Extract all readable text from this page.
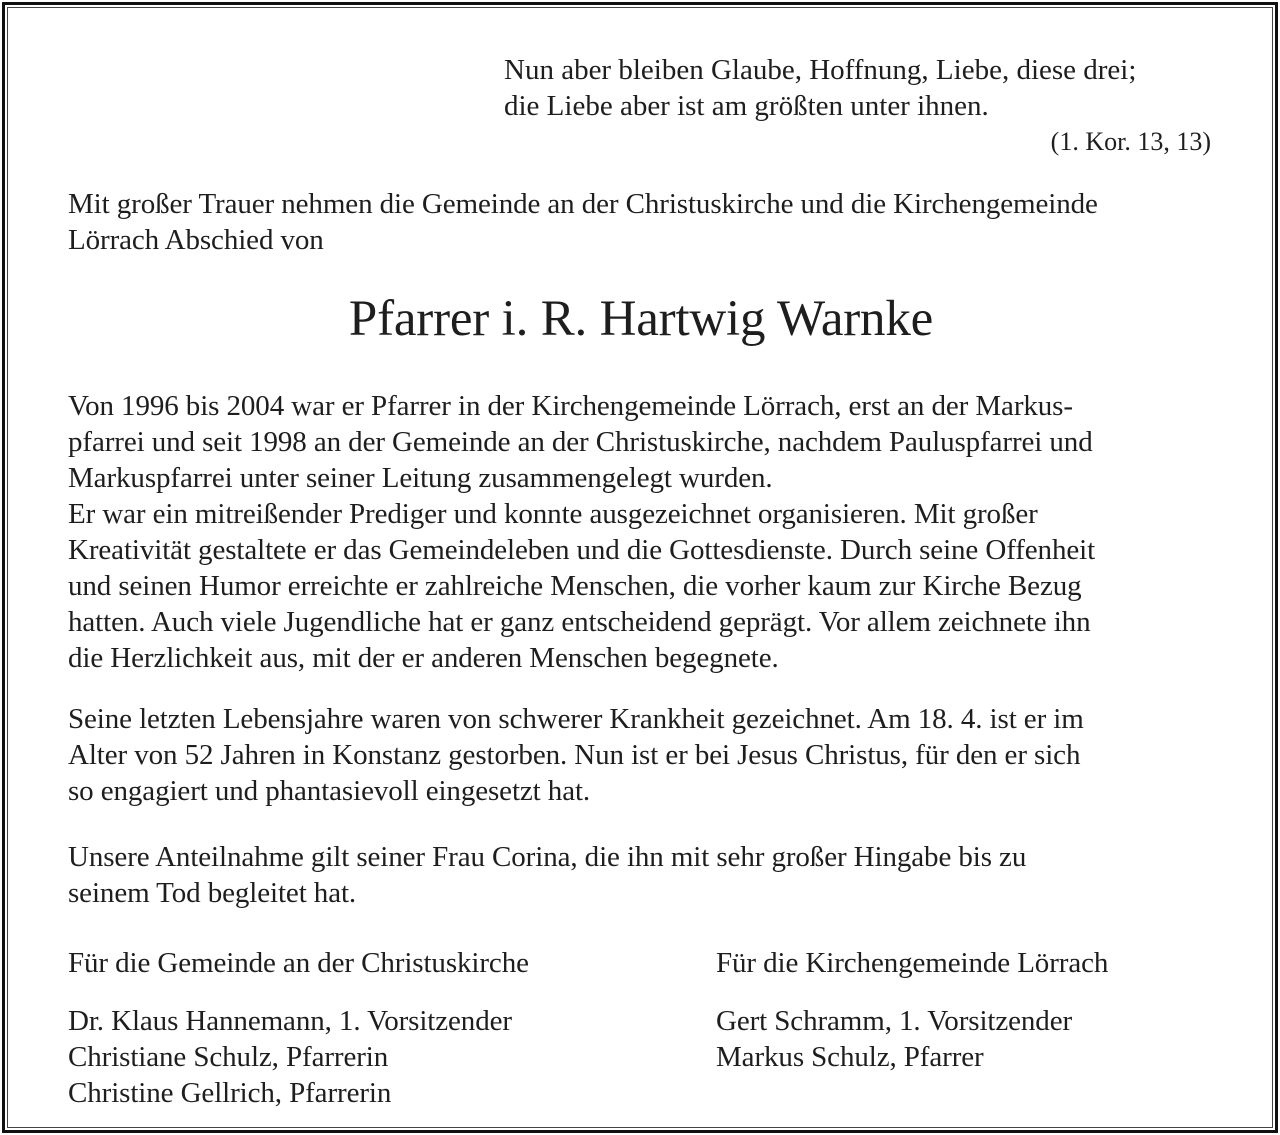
Nun aber bleiben Glaube, Hoffnung, Liebe, diese drei;
die Liebe aber ist am größten unter ihnen.
(1. Kor. 13, 13)
Mit großer Trauer nehmen die Gemeinde an der Christuskirche und die Kirchengemeinde
Lörrach Abschied von
Pfarrer i. R. Hartwig Warnke
Von 1996 bis 2004 war er Pfarrer in der Kirchengemeinde Lörrach, erst an der Markus-
pfarrei und seit 1998 an der Gemeinde an der Christuskirche, nachdem Pauluspfarrei und
Markuspfarrei unter seiner Leitung zusammengelegt wurden.
Er war ein mitreißender Prediger und konnte ausgezeichnet organisieren. Mit großer
Kreativität gestaltete er das Gemeindeleben und die Gottesdienste. Durch seine Offenheit
und seinen Humor erreichte er zahlreiche Menschen, die vorher kaum zur Kirche Bezug
hatten. Auch viele Jugendliche hat er ganz entscheidend geprägt. Vor allem zeichnete ihn
die Herzlichkeit aus, mit der er anderen Menschen begegnete.
Seine letzten Lebensjahre waren von schwerer Krankheit gezeichnet. Am 18. 4. ist er im
Alter von 52 Jahren in Konstanz gestorben. Nun ist er bei Jesus Christus, für den er sich
so engagiert und phantasievoll eingesetzt hat.
Unsere Anteilnahme gilt seiner Frau Corina, die ihn mit sehr großer Hingabe bis zu
seinem Tod begleitet hat.
Für die Gemeinde an der Christuskirche
Dr. Klaus Hannemann, 1. Vorsitzender
Christiane Schulz, Pfarrerin
Christine Gellrich, Pfarrerin
Für die Kirchengemeinde Lörrach
Gert Schramm, 1. Vorsitzender
Markus Schulz, Pfarrer
